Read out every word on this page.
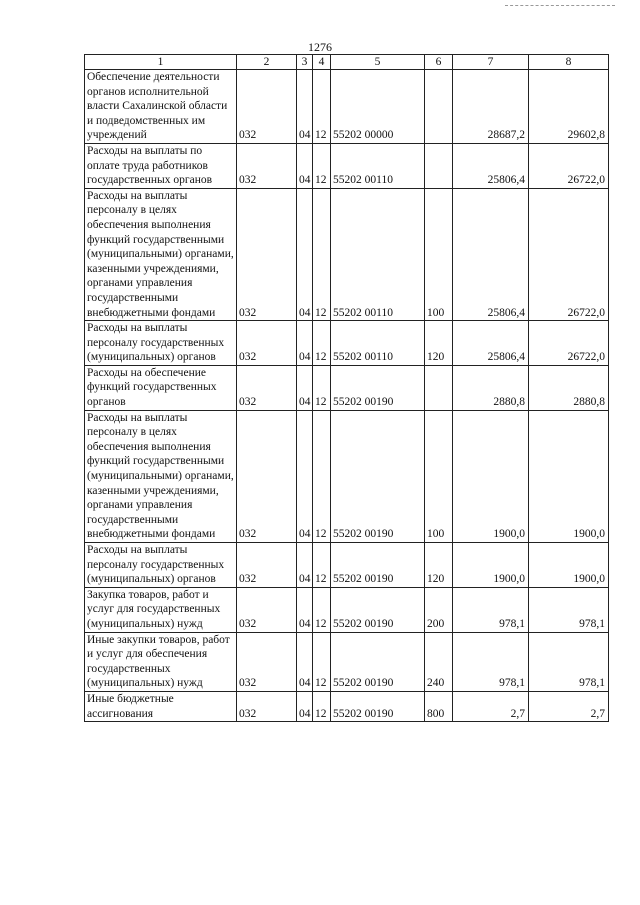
1276
1	2	3	4	5	6	7	8
Обеспечение деятельности органов исполнительной власти Сахалинской области и подведомственных им учреждений	032	04	12	55202 00000		28687,2	29602,8
Расходы на выплаты по оплате труда работников государственных органов	032	04	12	55202 00110		25806,4	26722,0
Расходы на выплаты персоналу в целях обеспечения выполнения функций государственными (муниципальными) органами, казенными учреждениями, органами управления государственными внебюджетными фондами	032	04	12	55202 00110	100	25806,4	26722,0
Расходы на выплаты персоналу государственных (муниципальных) органов	032	04	12	55202 00110	120	25806,4	26722,0
Расходы на обеспечение функций государственных органов	032	04	12	55202 00190		2880,8	2880,8
Расходы на выплаты персоналу в целях обеспечения выполнения функций государственными (муниципальными) органами, казенными учреждениями, органами управления государственными внебюджетными фондами	032	04	12	55202 00190	100	1900,0	1900,0
Расходы на выплаты персоналу государственных (муниципальных) органов	032	04	12	55202 00190	120	1900,0	1900,0
Закупка товаров, работ и услуг для государственных (муниципальных) нужд	032	04	12	55202 00190	200	978,1	978,1
Иные закупки товаров, работ и услуг для обеспечения государственных (муниципальных) нужд	032	04	12	55202 00190	240	978,1	978,1
Иные бюджетные ассигнования	032	04	12	55202 00190	800	2,7	2,7
